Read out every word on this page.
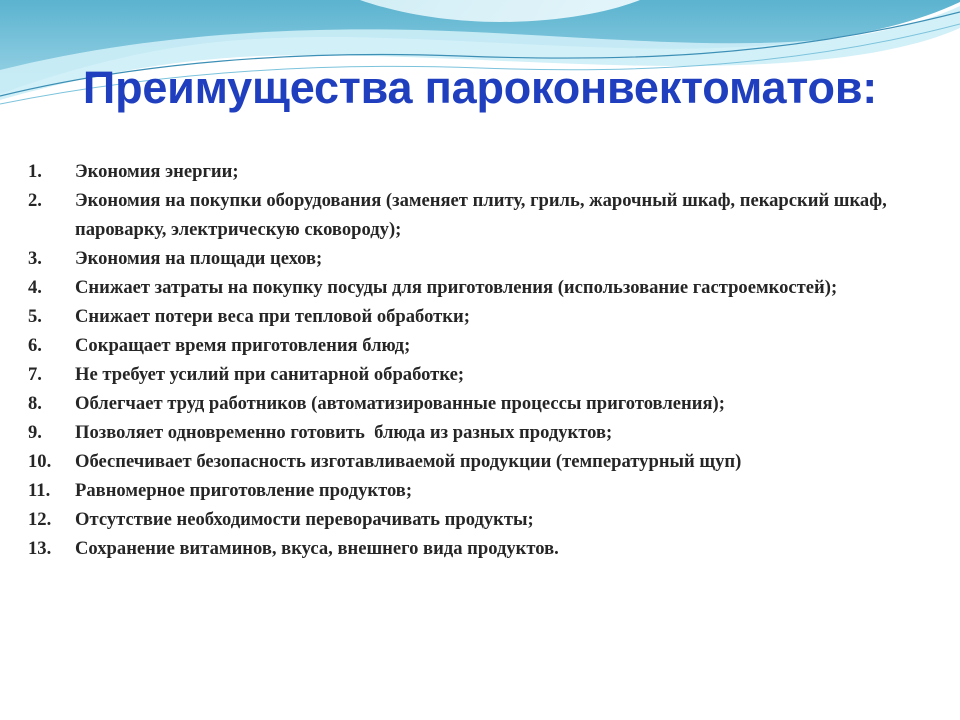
Преимущества пароконвектоматов:
1.	Экономия энергии;
2.	Экономия на покупки оборудования (заменяет плиту, гриль, жарочный шкаф, пекарский шкаф, пароварку, электрическую сковороду);
3.	Экономия на площади цехов;
4.	Снижает затраты на покупку посуды для приготовления (использование гастроемкостей);
5.	Снижает потери веса при тепловой обработки;
6.	Сокращает время приготовления блюд;
7.	Не требует усилий при санитарной обработке;
8.	Облегчает труд работников (автоматизированные процессы приготовления);
9.	Позволяет одновременно готовить  блюда из разных продуктов;
10.	Обеспечивает безопасность изготавливаемой продукции (температурный щуп)
11.	Равномерное приготовление продуктов;
12.	Отсутствие необходимости переворачивать продукты;
13.	Сохранение витаминов, вкуса, внешнего вида продуктов.
